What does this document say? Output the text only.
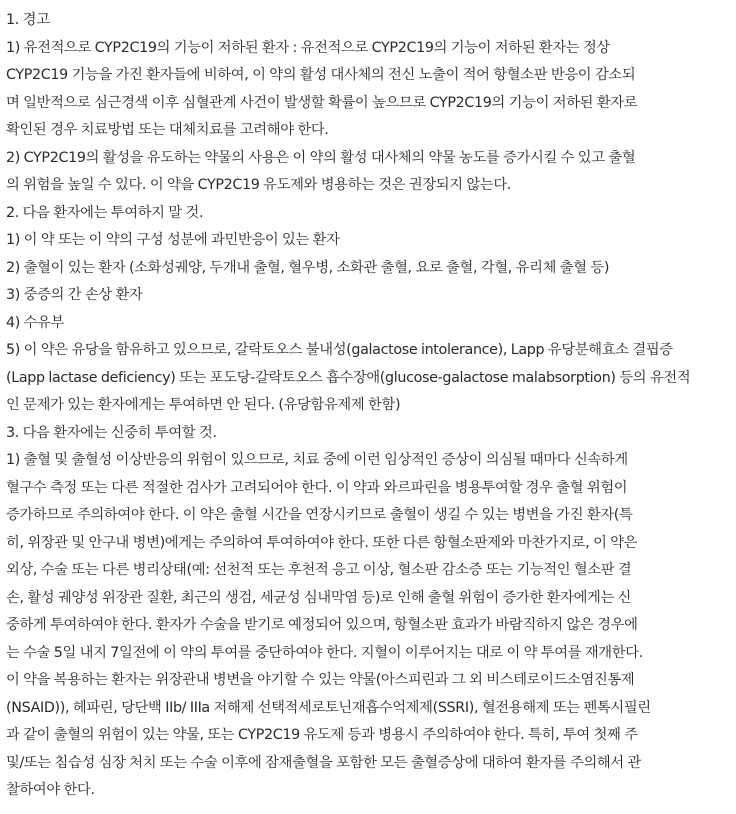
1. 경고
1) 유전적으로 CYP2C19의 기능이 저하된 환자 : 유전적으로 CYP2C19의 기능이 저하된 환자는 정상
CYP2C19 기능을 가진 환자들에 비하여, 이 약의 활성 대사체의 전신 노출이 적어 항혈소판 반응이 감소되
며 일반적으로 심근경색 이후 심혈관계 사건이 발생할 확률이 높으므로 CYP2C19의 기능이 저하된 환자로
확인된 경우 치료방법 또는 대체치료를 고려해야 한다.
2) CYP2C19의 활성을 유도하는 약물의 사용은 이 약의 활성 대사체의 약물 농도를 증가시킬 수 있고 출혈
의 위험을 높일 수 있다. 이 약을 CYP2C19 유도제와 병용하는 것은 권장되지 않는다.
2. 다음 환자에는 투여하지 말 것.
1) 이 약 또는 이 약의 구성 성분에 과민반응이 있는 환자
2) 출혈이 있는 환자 (소화성궤양, 두개내 출혈, 혈우병, 소화관 출혈, 요로 출혈, 각혈, 유리체 출혈 등)
3) 중증의 간 손상 환자
4) 수유부
5) 이 약은 유당을 함유하고 있으므로, 갈락토오스 불내성(galactose intolerance), Lapp 유당분해효소 결핍증
(Lapp lactase deficiency) 또는 포도당-갈락토오스 흡수장애(glucose-galactose malabsorption) 등의 유전적
인 문제가 있는 환자에게는 투여하면 안 된다. (유당함유제제 한함)
3. 다음 환자에는 신중히 투여할 것.
1) 출혈 및 출혈성 이상반응의 위험이 있으므로, 치료 중에 이런 임상적인 증상이 의심될 때마다 신속하게
혈구수 측정 또는 다른 적절한 검사가 고려되어야 한다. 이 약과 와르파린을 병용투여할 경우 출혈 위험이
증가하므로 주의하여야 한다. 이 약은 출혈 시간을 연장시키므로 출혈이 생길 수 있는 병변을 가진 환자(특
히, 위장관 및 안구내 병변)에게는 주의하여 투여하여야 한다. 또한 다른 항혈소판제와 마찬가지로, 이 약은
외상, 수술 또는 다른 병리상태(예: 선천적 또는 후천적 응고 이상, 혈소판 감소증 또는 기능적인 혈소판 결
손, 활성 궤양성 위장관 질환, 최근의 생검, 세균성 심내막염 등)로 인해 출혈 위험이 증가한 환자에게는 신
중하게 투여하여야 한다. 환자가 수술을 받기로 예정되어 있으며, 항혈소판 효과가 바람직하지 않은 경우에
는 수술 5일 내지 7일전에 이 약의 투여를 중단하여야 한다. 지혈이 이루어지는 대로 이 약 투여를 재개한다.
이 약을 복용하는 환자는 위장관내 병변을 야기할 수 있는 약물(아스피린과 그 외 비스테로이드소염진통제
(NSAID)), 헤파린, 당단백 IIb/ IIIa 저해제 선택적세로토닌재흡수억제제(SSRI), 혈전용해제 또는 펜톡시필린
과 같이 출혈의 위험이 있는 약물, 또는 CYP2C19 유도제 등과 병용시 주의하여야 한다. 특히, 투여 첫째 주
및/또는 침습성 심장 처치 또는 수술 이후에 잠재출혈을 포함한 모든 출혈증상에 대하여 환자를 주의해서 관
찰하여야 한다.
